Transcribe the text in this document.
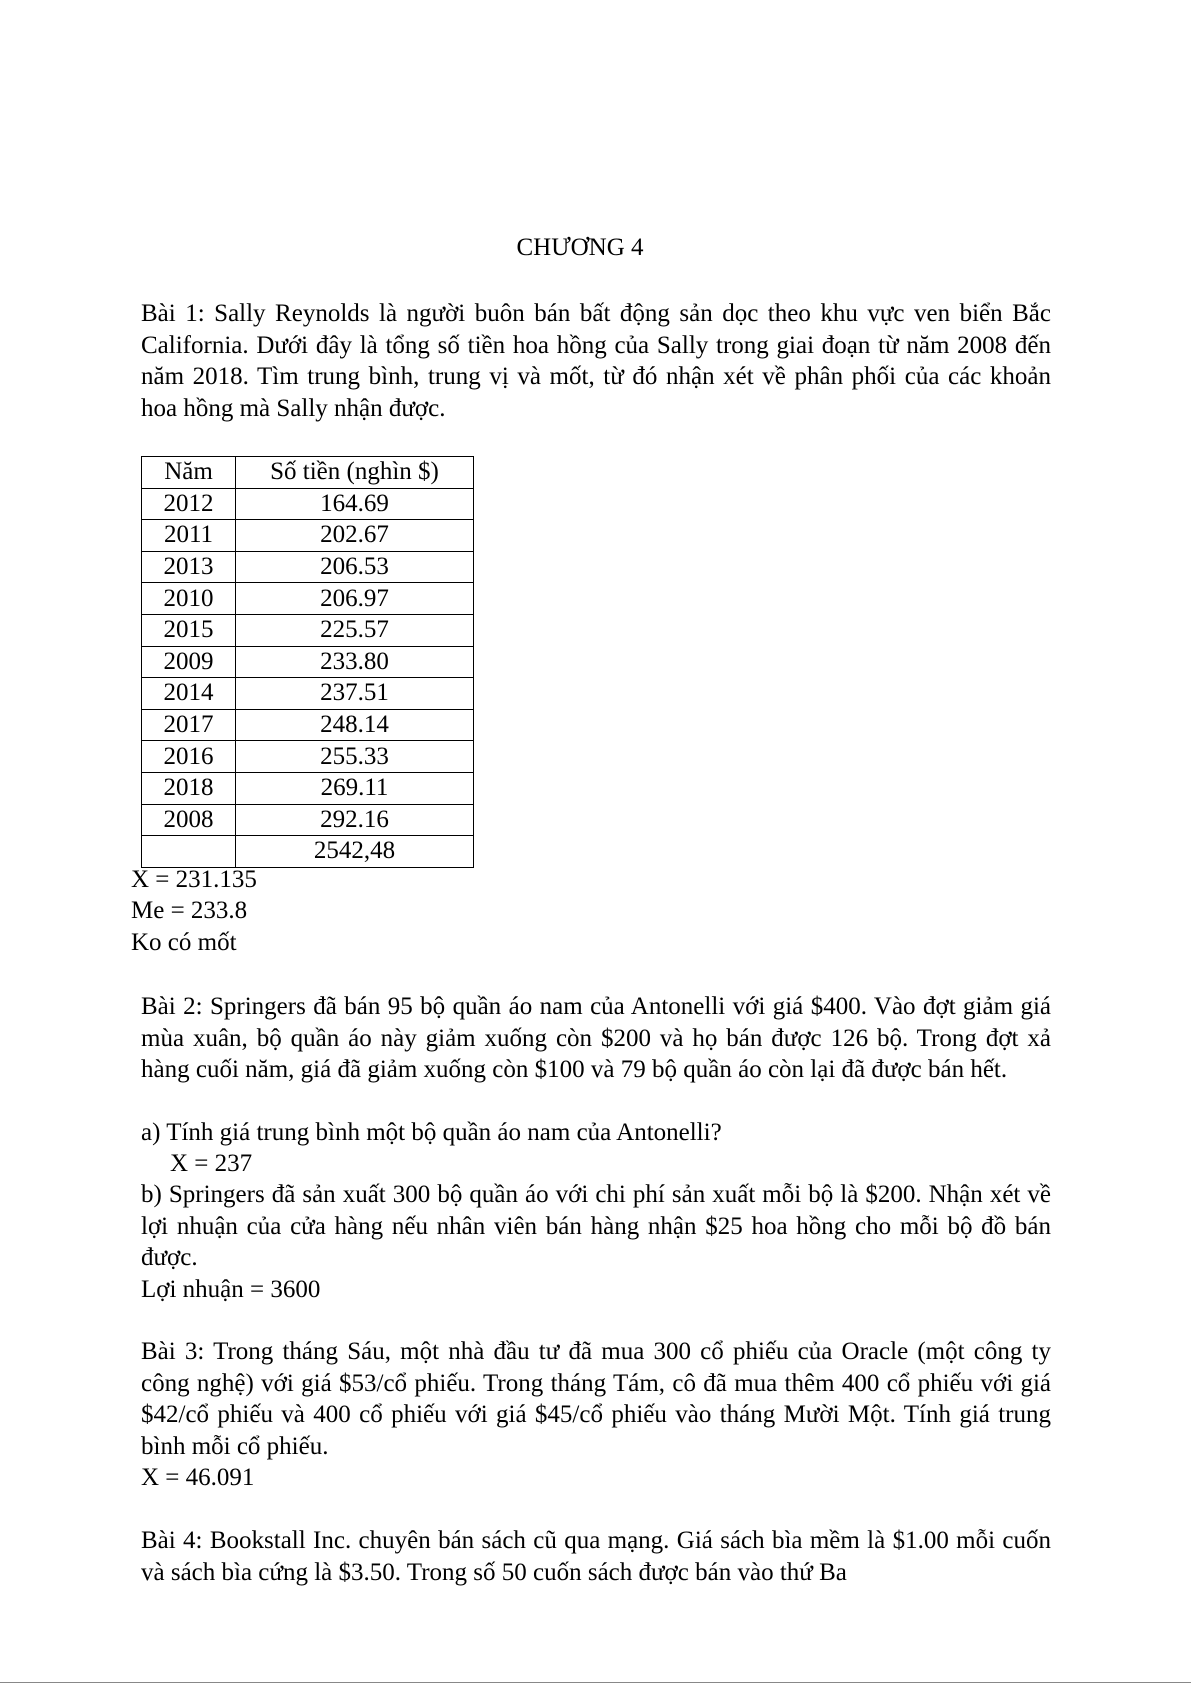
CHƯƠNG 4
Bài 1: Sally Reynolds là người buôn bán bất động sản dọc theo khu vực ven biển Bắc California. Dưới đây là tổng số tiền hoa hồng của Sally trong giai đoạn từ năm 2008 đến năm 2018. Tìm trung bình, trung vị và mốt, từ đó nhận xét về phân phối của các khoản hoa hồng mà Sally nhận được.
Năm	Số tiền (nghìn $)
2012	164.69
2011	202.67
2013	206.53
2010	206.97
2015	225.57
2009	233.80
2014	237.51
2017	248.14
2016	255.33
2018	269.11
2008	292.16
	2542,48
X = 231.135
Me = 233.8
Ko có mốt
Bài 2: Springers đã bán 95 bộ quần áo nam của Antonelli với giá $400. Vào đợt giảm giá mùa xuân, bộ quần áo này giảm xuống còn $200 và họ bán được 126 bộ. Trong đợt xả hàng cuối năm, giá đã giảm xuống còn $100 và 79 bộ quần áo còn lại đã được bán hết.
a) Tính giá trung bình một bộ quần áo nam của Antonelli?
X = 237
b) Springers đã sản xuất 300 bộ quần áo với chi phí sản xuất mỗi bộ là $200. Nhận xét về lợi nhuận của cửa hàng nếu nhân viên bán hàng nhận $25 hoa hồng cho mỗi bộ đồ bán được.
Lợi nhuận = 3600
Bài 3: Trong tháng Sáu, một nhà đầu tư đã mua 300 cổ phiếu của Oracle (một công ty công nghệ) với giá $53/cổ phiếu. Trong tháng Tám, cô đã mua thêm 400 cổ phiếu với giá $42/cổ phiếu và 400 cổ phiếu với giá $45/cổ phiếu vào tháng Mười Một. Tính giá trung bình mỗi cổ phiếu.
X = 46.091
Bài 4: Bookstall Inc. chuyên bán sách cũ qua mạng. Giá sách bìa mềm là $1.00 mỗi cuốn và sách bìa cứng là $3.50. Trong số 50 cuốn sách được bán vào thứ Ba
